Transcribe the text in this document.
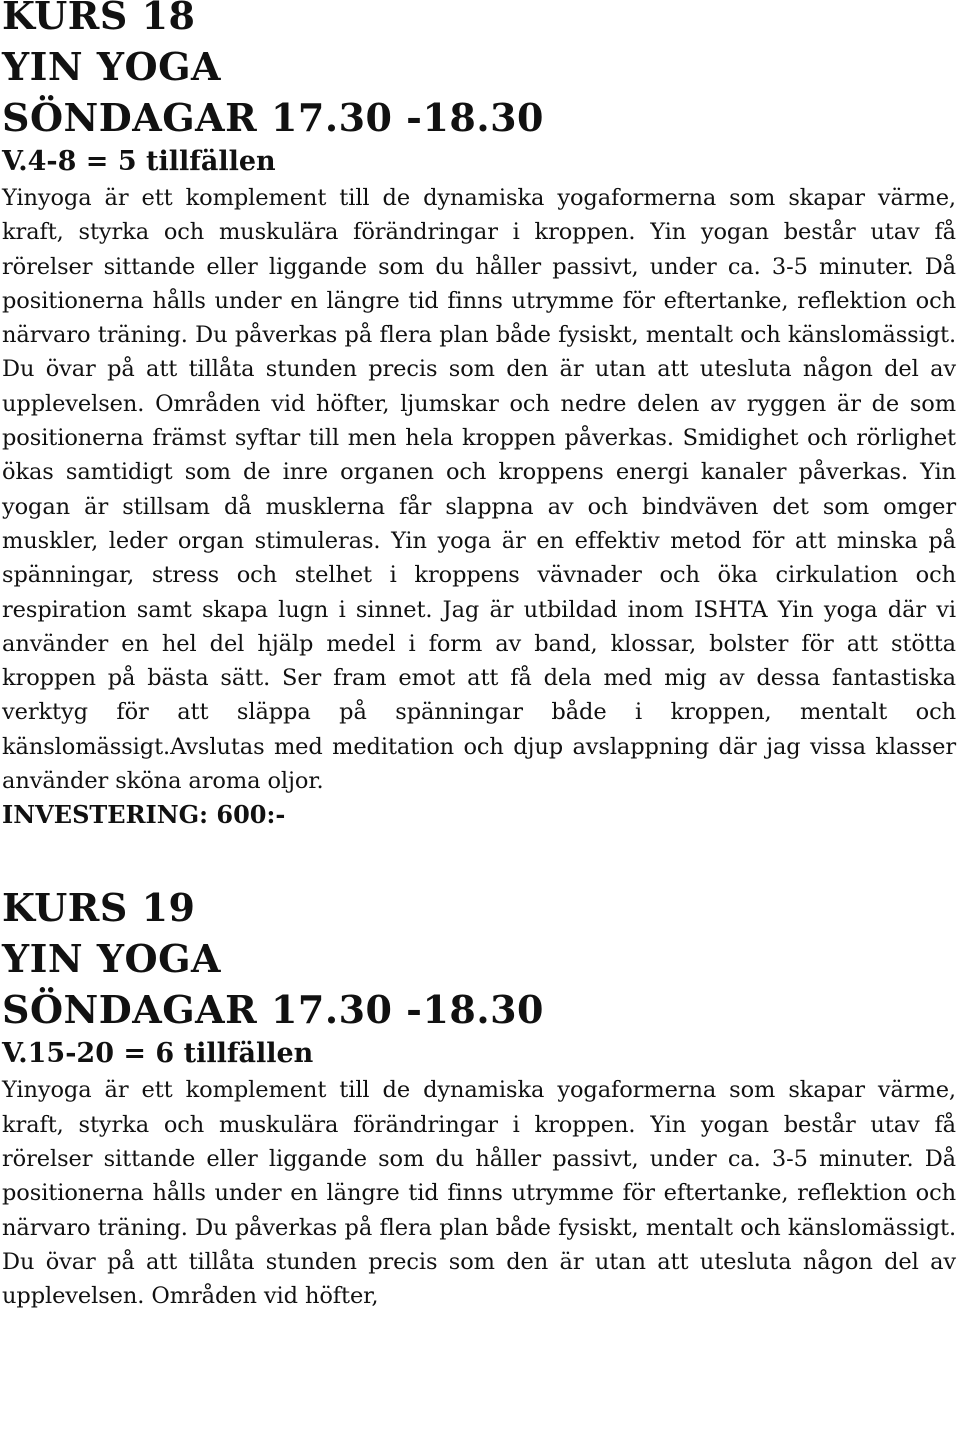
KURS 18
YIN YOGA
SÖNDAGAR 17.30 -18.30

V.4-8 = 5 tillfällen

Yinyoga är ett komplement till de dynamiska yogaformerna som skapar värme, kraft, styrka och muskulära förändringar i kroppen. Yin yogan består utav få rörelser sittande eller liggande som du håller passivt, under ca. 3-5 minuter. Då positionerna hålls under en längre tid finns utrymme för eftertanke, reflektion och närvaro träning. Du påverkas på flera plan både fysiskt, mentalt och känslomässigt. Du övar på att tillåta stunden precis som den är utan att utesluta någon del av upplevelsen. Områden vid höfter, ljumskar och nedre delen av ryggen är de som positionerna främst syftar till men hela kroppen påverkas. Smidighet och rörlighet ökas samtidigt som de inre organen och kroppens energi kanaler påverkas. Yin yogan är stillsam då musklerna får slappna av och bindväven det som omger muskler, leder organ stimuleras. Yin yoga är en effektiv metod för att minska på spänningar, stress och stelhet i kroppens vävnader och öka cirkulation och respiration samt skapa lugn i sinnet. Jag är utbildad inom ISHTA Yin yoga där vi använder en hel del hjälp medel i form av band, klossar, bolster för att stötta kroppen på bästa sätt. Ser fram emot att få dela med mig av dessa fantastiska verktyg för att släppa på spänningar både i kroppen, mentalt och känslomässigt.Avslutas med meditation och djup avslappning där jag vissa klasser använder sköna aroma oljor.

INVESTERING: 600:-

KURS 19
YIN YOGA
SÖNDAGAR 17.30 -18.30

V.15-20 = 6 tillfällen

Yinyoga är ett komplement till de dynamiska yogaformerna som skapar värme, kraft, styrka och muskulära förändringar i kroppen. Yin yogan består utav få rörelser sittande eller liggande som du håller passivt, under ca. 3-5 minuter. Då positionerna hålls under en längre tid finns utrymme för eftertanke, reflektion och närvaro träning. Du påverkas på flera plan både fysiskt, mentalt och känslomässigt. Du övar på att tillåta stunden precis som den är utan att utesluta någon del av upplevelsen. Områden vid höfter,
